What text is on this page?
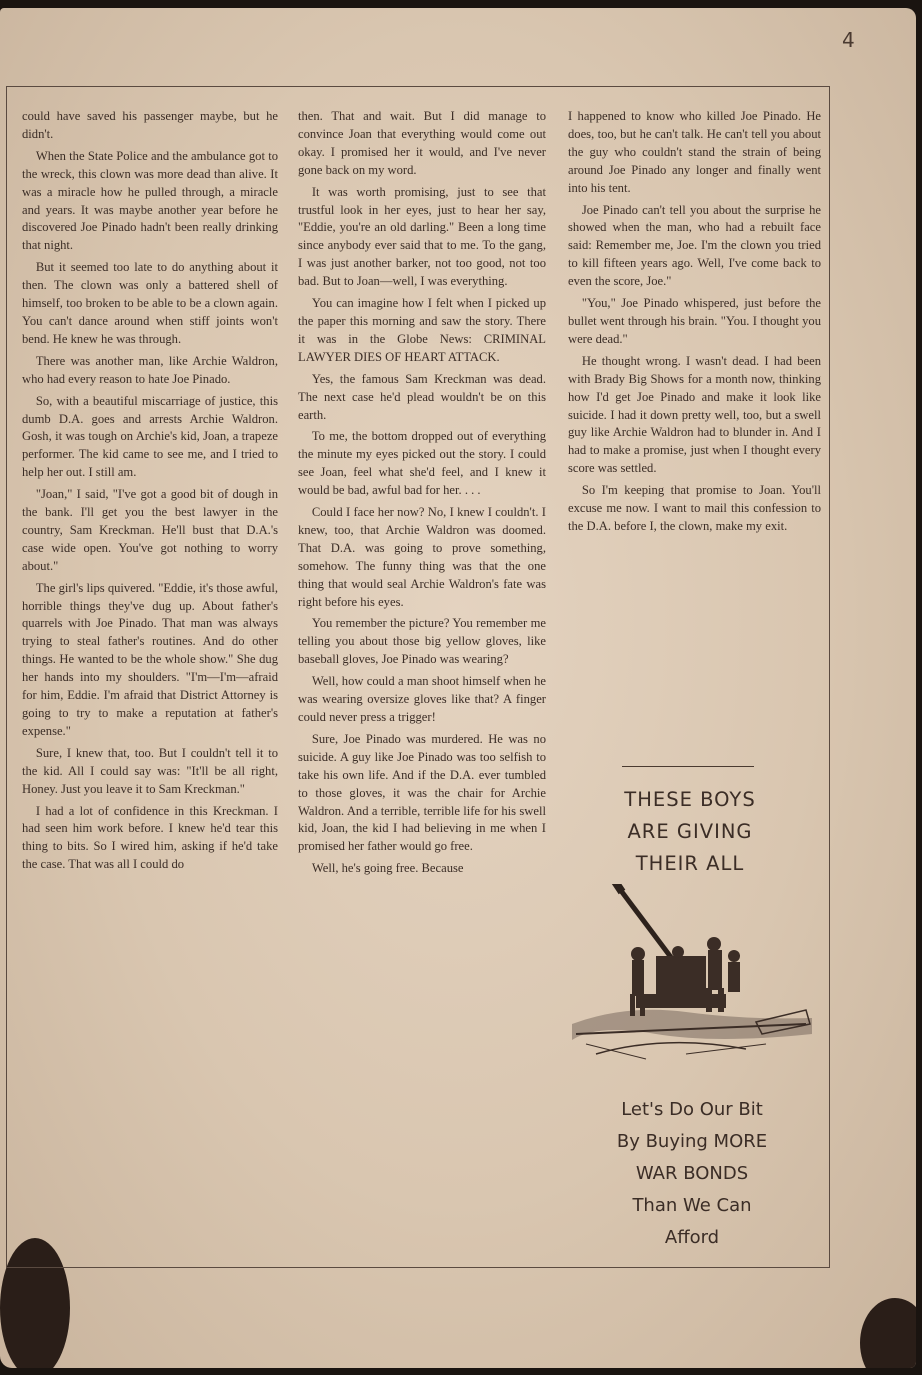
4

could have saved his passenger maybe, but he didn't.

When the State Police and the ambulance got to the wreck, this clown was more dead than alive. It was a miracle how he pulled through, a miracle and years. It was maybe another year before he discovered Joe Pinado hadn't been really drinking that night.

But it seemed too late to do anything about it then. The clown was only a battered shell of himself, too broken to be able to be a clown again. You can't dance around when stiff joints won't bend. He knew he was through.

There was another man, like Archie Waldron, who had every reason to hate Joe Pinado.

So, with a beautiful miscarriage of justice, this dumb D.A. goes and arrests Archie Waldron. Gosh, it was tough on Archie's kid, Joan, a trapeze performer. The kid came to see me, and I tried to help her out. I still am.

"Joan," I said, "I've got a good bit of dough in the bank. I'll get you the best lawyer in the country, Sam Kreckman. He'll bust that D.A.'s case wide open. You've got nothing to worry about."

The girl's lips quivered. "Eddie, it's those awful, horrible things they've dug up. About father's quarrels with Joe Pinado. That man was always trying to steal father's routines. And do other things. He wanted to be the whole show." She dug her hands into my shoulders. "I'm—I'm—afraid for him, Eddie. I'm afraid that District Attorney is going to try to make a reputation at father's expense."

Sure, I knew that, too. But I couldn't tell it to the kid. All I could say was: "It'll be all right, Honey. Just you leave it to Sam Kreckman."

I had a lot of confidence in this Kreckman. I had seen him work before. I knew he'd tear this thing to bits. So I wired him, asking if he'd take the case. That was all I could do

then. That and wait. But I did manage to convince Joan that everything would come out okay. I promised her it would, and I've never gone back on my word.

It was worth promising, just to see that trustful look in her eyes, just to hear her say, "Eddie, you're an old darling." Been a long time since anybody ever said that to me. To the gang, I was just another barker, not too good, not too bad. But to Joan—well, I was everything.

You can imagine how I felt when I picked up the paper this morning and saw the story. There it was in the Globe News: CRIMINAL LAWYER DIES OF HEART ATTACK.

Yes, the famous Sam Kreckman was dead. The next case he'd plead wouldn't be on this earth.

To me, the bottom dropped out of everything the minute my eyes picked out the story. I could see Joan, feel what she'd feel, and I knew it would be bad, awful bad for her. . . .

Could I face her now? No, I knew I couldn't. I knew, too, that Archie Waldron was doomed. That D.A. was going to prove something, somehow. The funny thing was that the one thing that would seal Archie Waldron's fate was right before his eyes.

You remember the picture? You remember me telling you about those big yellow gloves, like baseball gloves, Joe Pinado was wearing?

Well, how could a man shoot himself when he was wearing oversize gloves like that? A finger could never press a trigger!

Sure, Joe Pinado was murdered. He was no suicide. A guy like Joe Pinado was too selfish to take his own life. And if the D.A. ever tumbled to those gloves, it was the chair for Archie Waldron. And a terrible, terrible life for his swell kid, Joan, the kid I had believing in me when I promised her father would go free.

Well, he's going free. Because

I happened to know who killed Joe Pinado. He does, too, but he can't talk. He can't tell you about the guy who couldn't stand the strain of being around Joe Pinado any longer and finally went into his tent.

Joe Pinado can't tell you about the surprise he showed when the man, who had a rebuilt face said: Remember me, Joe. I'm the clown you tried to kill fifteen years ago. Well, I've come back to even the score, Joe."

"You," Joe Pinado whispered, just before the bullet went through his brain. "You. I thought you were dead."

He thought wrong. I wasn't dead. I had been with Brady Big Shows for a month now, thinking how I'd get Joe Pinado and make it look like suicide. I had it down pretty well, too, but a swell guy like Archie Waldron had to blunder in. And I had to make a promise, just when I thought every score was settled.

So I'm keeping that promise to Joan. You'll excuse me now. I want to mail this confession to the D.A. before I, the clown, make my exit.

THESE BOYS
ARE GIVING
THEIR ALL
Let's Do Our Bit
By Buying MORE
WAR BONDS
Than We Can
Afford
